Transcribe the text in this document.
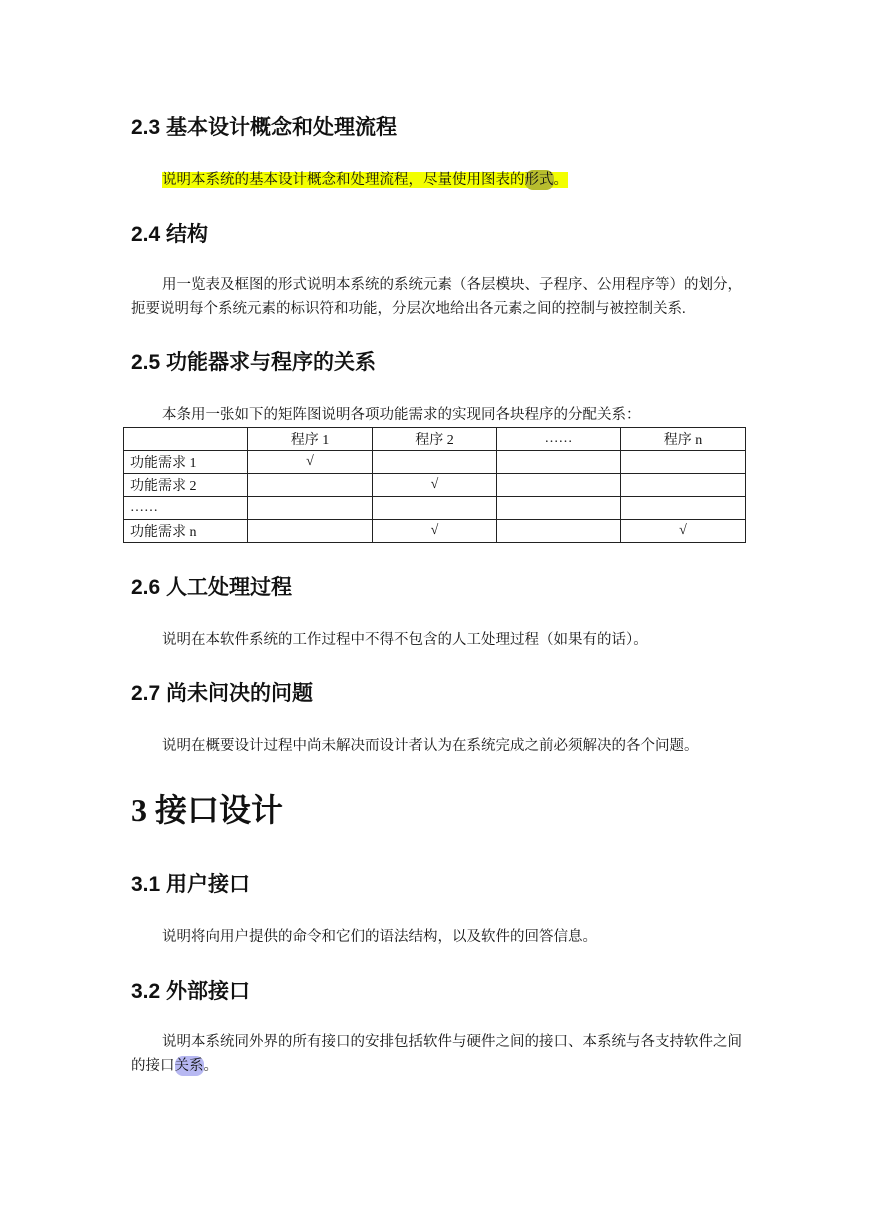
2.3 基本设计概念和处理流程

说明本系统的基本设计概念和处理流程，尽量使用图表的形式。

2.4 结构

用一览表及框图的形式说明本系统的系统元素（各层模块、子程序、公用程序等）的划分，扼要说明每个系统元素的标识符和功能，分层次地给出各元素之间的控制与被控制关系.

2.5 功能器求与程序的关系

本条用一张如下的矩阵图说明各项功能需求的实现同各块程序的分配关系：

	程序 1	程序 2	……	程序 n
功能需求 1	√			
功能需求 2		√		
……				
功能需求 n		√		√
2.6 人工处理过程

说明在本软件系统的工作过程中不得不包含的人工处理过程（如果有的话）。

2.7 尚未问决的问题

说明在概要设计过程中尚未解决而设计者认为在系统完成之前必须解决的各个问题。

3 接口设计
3.1 用户接口

说明将向用户提供的命令和它们的语法结构，以及软件的回答信息。

3.2 外部接口

说明本系统同外界的所有接口的安排包括软件与硬件之间的接口、本系统与各支持软件之间的接口关系。
